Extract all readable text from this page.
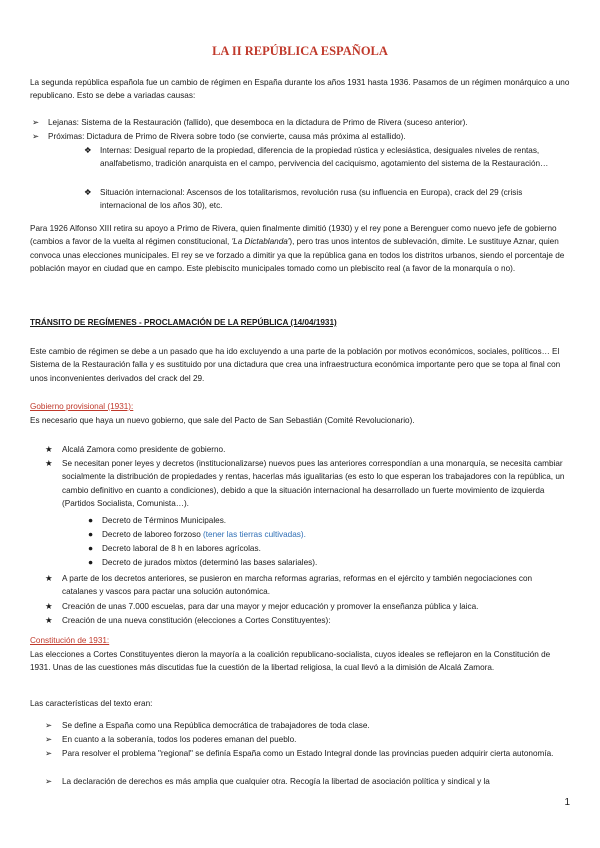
LA II REPÚBLICA ESPAÑOLA

La segunda república española fue un cambio de régimen en España durante los años 1931 hasta 1936. Pasamos de un régimen monárquico a uno republicano. Esto se debe a variadas causas:

➢ Lejanas: Sistema de la Restauración (fallido), que desemboca en la dictadura de Primo de Rivera (suceso anterior).

➢ Próximas: Dictadura de Primo de Rivera sobre todo (se convierte, causa más próxima al estallido).

❖ Internas: Desigual reparto de la propiedad, diferencia de la propiedad rústica y eclesiástica, desiguales niveles de rentas, analfabetismo, tradición anarquista en el campo, pervivencia del caciquismo, agotamiento del sistema de la Restauración…

❖ Situación internacional: Ascensos de los totalitarismos, revolución rusa (su influencia en Europa), crack del 29 (crisis internacional de los años 30), etc.

Para 1926 Alfonso XIII retira su apoyo a Primo de Rivera, quien finalmente dimitió (1930) y el rey pone a Berenguer como nuevo jefe de gobierno (cambios a favor de la vuelta al régimen constitucional, 'La Dictablanda'), pero tras unos intentos de sublevación, dimite. Le sustituye Aznar, quien convoca unas elecciones municipales. El rey se ve forzado a dimitir ya que la república gana en todos los distritos urbanos, siendo el porcentaje de población mayor en ciudad que en campo. Este plebiscito municipales tomado como un plebiscito real (a favor de la monarquía o no).

TRÁNSITO DE REGÍMENES - PROCLAMACIÓN DE LA REPÚBLICA (14/04/1931)

Este cambio de régimen se debe a un pasado que ha ido excluyendo a una parte de la población por motivos económicos, sociales, políticos… El Sistema de la Restauración falla y es sustituido por una dictadura que crea una infraestructura económica importante pero que se topa al final con unos inconvenientes derivados del crack del 29.

Gobierno provisional (1931):

Es necesario que haya un nuevo gobierno, que sale del Pacto de San Sebastián (Comité Revolucionario).

★ Alcalá Zamora como presidente de gobierno.

★ Se necesitan poner leyes y decretos (institucionalizarse) nuevos pues las anteriores correspondían a una monarquía, se necesita cambiar socialmente la distribución de propiedades y rentas, hacerlas más igualitarias (es esto lo que esperan los trabajadores con la república, un cambio definitivo en cuanto a condiciones), debido a que la situación internacional ha desarrollado un fuerte movimiento de izquierda (Partidos Socialista, Comunista…).

● Decreto de Términos Municipales.

● Decreto de laboreo forzoso (tener las tierras cultivadas).

● Decreto laboral de 8 h en labores agrícolas.

● Decreto de jurados mixtos (determinó las bases salariales).

★ A parte de los decretos anteriores, se pusieron en marcha reformas agrarias, reformas en el ejército y también negociaciones con catalanes y vascos para pactar una solución autonómica.

★ Creación de unas 7.000 escuelas, para dar una mayor y mejor educación y promover la enseñanza pública y laica.

★ Creación de una nueva constitución (elecciones a Cortes Constituyentes):

Constitución de 1931:

Las elecciones a Cortes Constituyentes dieron la mayoría a la coalición republicano-socialista, cuyos ideales se reflejaron en la Constitución de 1931. Unas de las cuestiones más discutidas fue la cuestión de la libertad religiosa, la cual llevó a la dimisión de Alcalá Zamora.

Las características del texto eran:

➢ Se define a España como una República democrática de trabajadores de toda clase.

➢ En cuanto a la soberanía, todos los poderes emanan del pueblo.

➢ Para resolver el problema "regional" se definía España como un Estado Integral donde las provincias pueden adquirir cierta autonomía.

➢ La declaración de derechos es más amplia que cualquier otra. Recogía la libertad de asociación política y sindical y la

1
